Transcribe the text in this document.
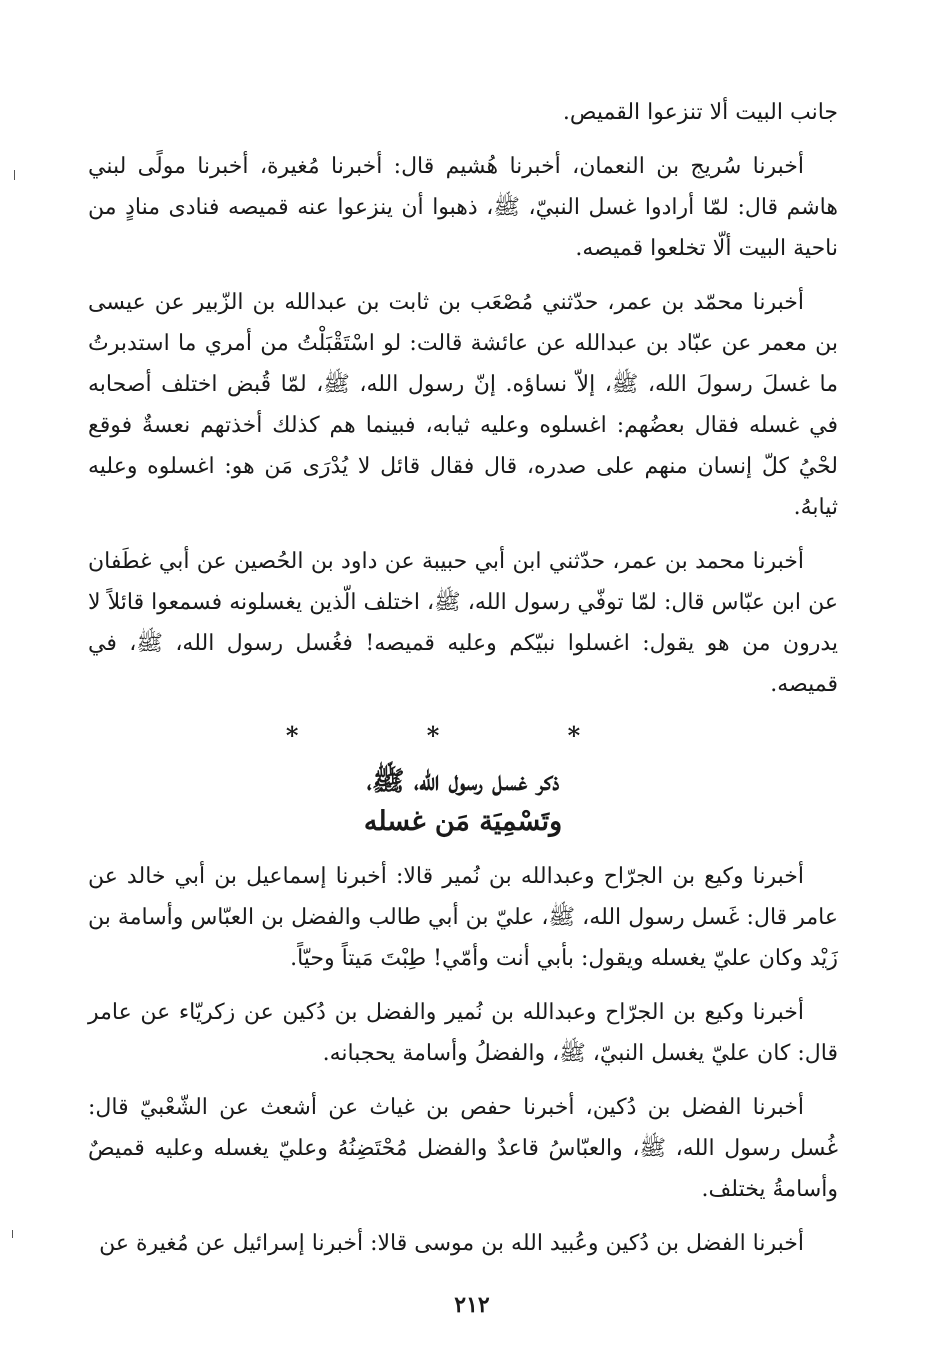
جانب البيت ألا تنزعوا القميص.

أخبرنا سُريج بن النعمان، أخبرنا هُشيم قال: أخبرنا مُغيرة، أخبرنا مولًى لبني هاشم قال: لمّا أرادوا غسل النبيّ، ﷺ، ذهبوا أن ينزعوا عنه قميصه فنادى منادٍ من ناحية البيت ألّا تخلعوا قميصه.

أخبرنا محمّد بن عمر، حدّثني مُصْعَب بن ثابت بن عبدالله بن الزّبير عن عيسى بن معمر عن عبّاد بن عبدالله عن عائشة قالت: لو اسْتَقْبَلْتُ من أمري ما استدبرتُ ما غسلَ رسولَ الله، ﷺ، إلاّ نساؤه. إنّ رسول الله، ﷺ، لمّا قُبض اختلف أصحابه في غسله فقال بعضُهم: اغسلوه وعليه ثيابه، فبينما هم كذلك أخذتهم نعسةٌ فوقع لحْيُ كلّ إنسان منهم على صدره، قال فقال قائل لا يُدْرَى مَن هو: اغسلوه وعليه ثيابهُ.

أخبرنا محمد بن عمر، حدّثني ابن أبي حبيبة عن داود بن الحُصين عن أبي غطَفان عن ابن عبّاس قال: لمّا توفّي رسول الله، ﷺ، اختلف الّذين يغسلونه فسمعوا قائلاً لا يدرون من هو يقول: اغسلوا نبيّكم وعليه قميصه! فغُسل رسول الله، ﷺ، في قميصه.

* * *
ذكر غسل رسول الله، ﷺ،
وتَسْمِيَة مَن غسله

أخبرنا وكيع بن الجرّاح وعبدالله بن نُمير قالا: أخبرنا إسماعيل بن أبي خالد عن عامر قال: غَسل رسول الله، ﷺ، عليّ بن أبي طالب والفضل بن العبّاس وأسامة بن زَيْد وكان عليّ يغسله ويقول: بأبي أنت وأمّي! طِبْتَ مَيتاً وحيّاً.

أخبرنا وكيع بن الجرّاح وعبدالله بن نُمير والفضل بن دُكين عن زكريّاء عن عامر قال: كان عليّ يغسل النبيّ، ﷺ، والفضلُ وأسامة يحجبانه.

أخبرنا الفضل بن دُكين، أخبرنا حفص بن غياث عن أشعث عن الشّعْبيّ قال: غُسل رسول الله، ﷺ، والعبّاسُ قاعدٌ والفضل مُحْتَضِنُهُ وعليّ يغسله وعليه قميصٌ وأسامةُ يختلف.

أخبرنا الفضل بن دُكين وعُبيد الله بن موسى قالا: أخبرنا إسرائيل عن مُغيرة عن

٢١٢
